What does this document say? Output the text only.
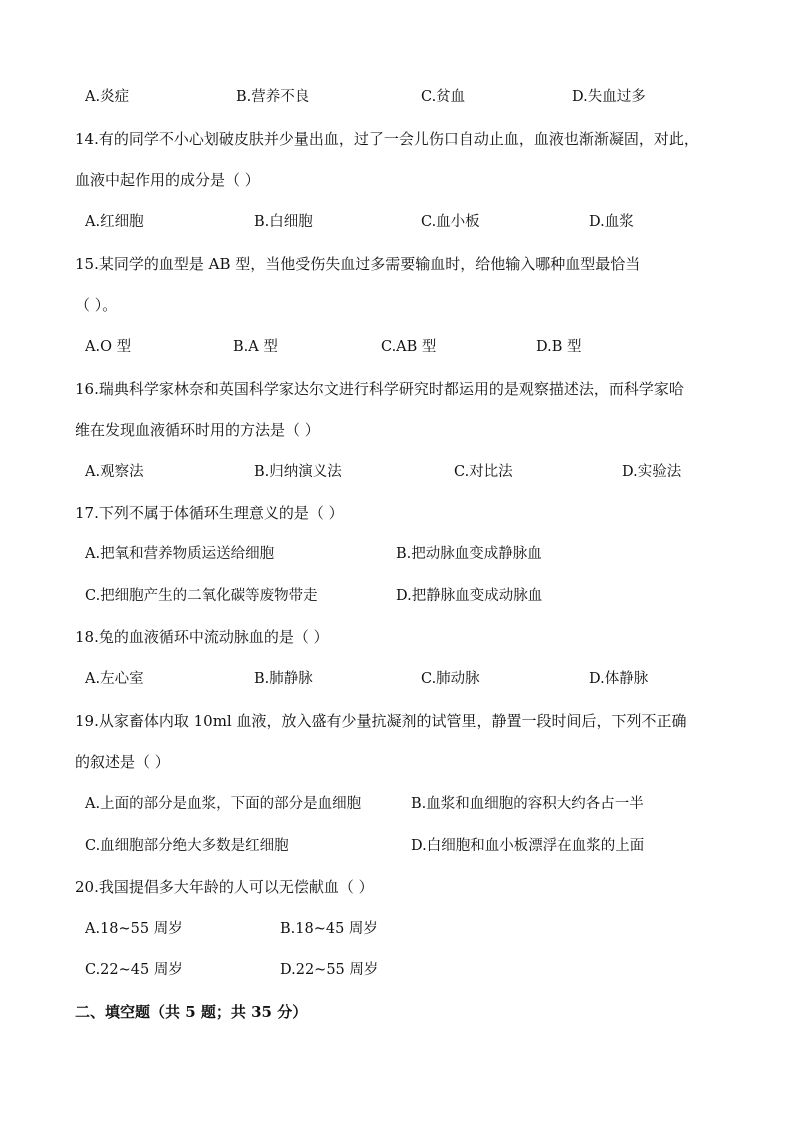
A.炎症	B.营养不良	C.贫血	D.失血过多
14.有的同学不小心划破皮肤并少量出血，过了一会儿伤口自动止血，血液也渐渐凝固，对此，
血液中起作用的成分是（ ）
A.红细胞	B.白细胞	C.血小板	D.血浆
15.某同学的血型是 AB 型，当他受伤失血过多需要输血时，给他输入哪种血型最恰当
（ ）。
A.O 型	B.A 型	C.AB 型	D.B 型
16.瑞典科学家林奈和英国科学家达尔文进行科学研究时都运用的是观察描述法，而科学家哈
维在发现血液循环时用的方法是（ ）
A.观察法	B.归纳演义法	C.对比法	D.实验法
17.下列不属于体循环生理意义的是（ ）
A.把氧和营养物质运送给细胞	B.把动脉血变成静脉血
C.把细胞产生的二氧化碳等废物带走	D.把静脉血变成动脉血
18.兔的血液循环中流动脉血的是（ ）
A.左心室	B.肺静脉	C.肺动脉	D.体静脉
19.从家畜体内取 10ml 血液，放入盛有少量抗凝剂的试管里，静置一段时间后，下列不正确
的叙述是（ ）
A.上面的部分是血浆，下面的部分是血细胞	B.血浆和血细胞的容积大约各占一半
C.血细胞部分绝大多数是红细胞	D.白细胞和血小板漂浮在血浆的上面
20.我国提倡多大年龄的人可以无偿献血（ ）
A.18~55 周岁	B.18~45 周岁
C.22~45 周岁	D.22~55 周岁
二、填空题（共 5 题；共 35 分）
